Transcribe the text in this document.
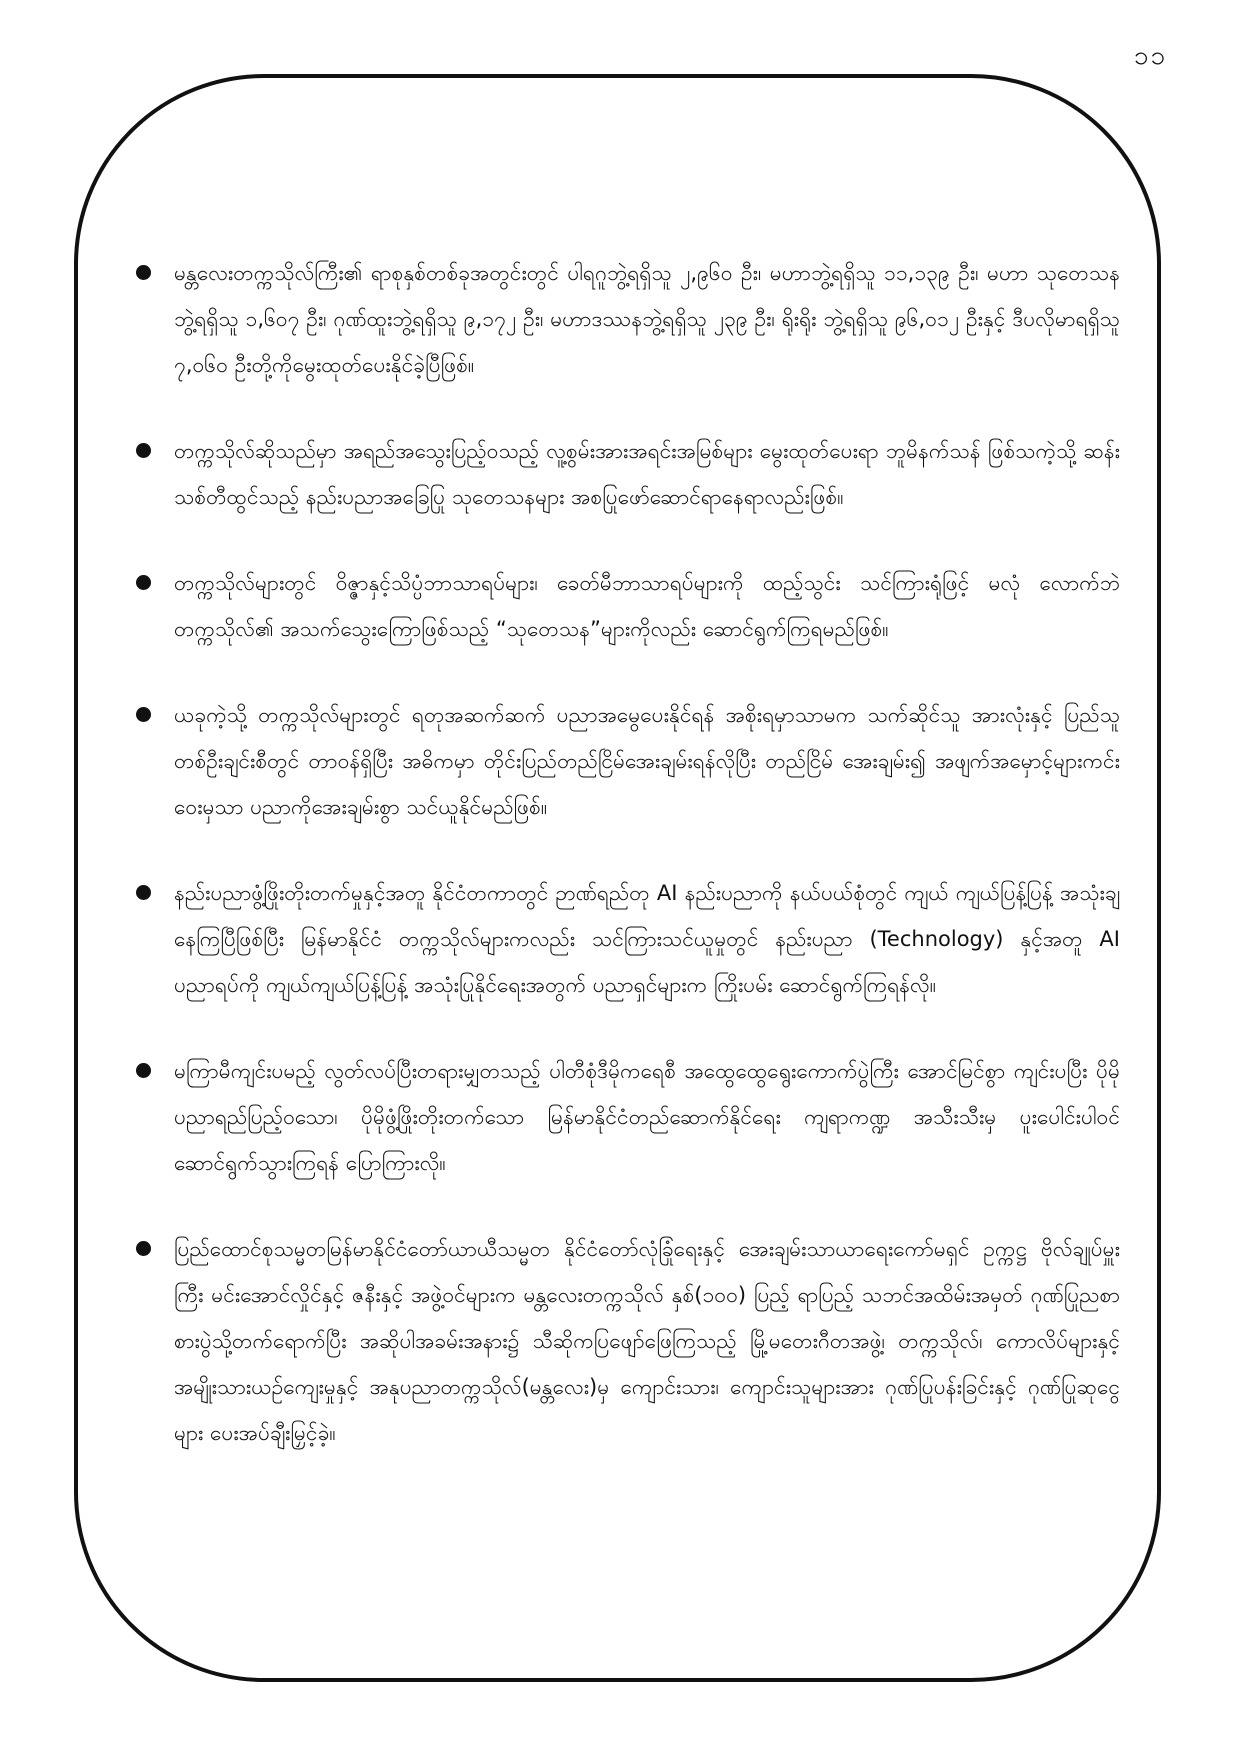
၁၁
မန္တလေးတက္ကသိုလ်ကြီး၏ ရာစုနှစ်တစ်ခုအတွင်းတွင် ပါရဂူဘွဲ့ရရှိသူ ၂,၉၆၀ ဦး၊ မဟာဘွဲ့ရရှိသူ ၁၁,၁၃၉ ဦး၊ မဟာ သုတေသနဘွဲ့ရရှိသူ ၁,၆၀၇ ဦး၊ ဂုဏ်ထူးဘွဲ့ရရှိသူ ၉,၁၇၂ ဦး၊ မဟာဒဿနဘွဲ့ရရှိသူ ၂၃၉ ဦး၊ ရိုးရိုး ဘွဲ့ရရှိသူ ၉၆,၀၁၂ ဦးနှင့် ဒီပလိုမာရရှိသူ ၇,၀၆၀ ဦးတို့ကိုမွေးထုတ်ပေးနိုင်ခဲ့ပြီဖြစ်။
တက္ကသိုလ်ဆိုသည်မှာ အရည်အသွေးပြည့်ဝသည့် လူ့စွမ်းအားအရင်းအမြစ်များ မွေးထုတ်ပေးရာ ဘူမိနက်သန် ဖြစ်သကဲ့သို့ ဆန်းသစ်တီထွင်သည့် နည်းပညာအခြေပြု သုတေသနများ အစပြုဖော်ဆောင်ရာနေရာလည်းဖြစ်။
တက္ကသိုလ်များတွင် ဝိဇ္ဇာနှင့်သိပ္ပံဘာသာရပ်များ၊ ခေတ်မီဘာသာရပ်များကို ထည့်သွင်း သင်ကြားရုံဖြင့် မလုံ လောက်ဘဲ တက္ကသိုလ်၏ အသက်သွေးကြောဖြစ်သည့် “သုတေသန”များကိုလည်း ဆောင်ရွက်ကြရမည်ဖြစ်။
ယခုကဲ့သို့ တက္ကသိုလ်များတွင် ရတုအဆက်ဆက် ပညာအမွေပေးနိုင်ရန် အစိုးရမှာသာမက သက်ဆိုင်သူ အားလုံးနှင့် ပြည်သူတစ်ဦးချင်းစီတွင် တာဝန်ရှိပြီး အဓိကမှာ တိုင်းပြည်တည်ငြိမ်အေးချမ်းရန်လိုပြီး တည်ငြိမ် အေးချမ်း၍ အဖျက်အမှောင့်များကင်းဝေးမှသာ ပညာကိုအေးချမ်းစွာ သင်ယူနိုင်မည်ဖြစ်။
နည်းပညာဖွံ့ဖြိုးတိုးတက်မှုနှင့်အတူ နိုင်ငံတကာတွင် ဉာဏ်ရည်တု AI နည်းပညာကို နယ်ပယ်စုံတွင် ကျယ် ကျယ်ပြန့်ပြန့် အသုံးချနေကြပြီဖြစ်ပြီး မြန်မာနိုင်ငံ တက္ကသိုလ်များကလည်း သင်ကြားသင်ယူမှုတွင် နည်းပညာ (Technology) နှင့်အတူ AI ပညာရပ်ကို ကျယ်ကျယ်ပြန့်ပြန့် အသုံးပြုနိုင်ရေးအတွက် ပညာရှင်များက ကြိုးပမ်း ဆောင်ရွက်ကြရန်လို။
မကြာမီကျင်းပမည့် လွတ်လပ်ပြီးတရားမျှတသည့် ပါတီစုံဒီမိုကရေစီ အထွေထွေရွေးကောက်ပွဲကြီး အောင်မြင်စွာ ကျင်းပပြီး ပိုမိုပညာရည်ပြည့်ဝသော၊ ပိုမိုဖွံ့ဖြိုးတိုးတက်သော မြန်မာနိုင်ငံတည်ဆောက်နိုင်ရေး ကျရာကဏ္ဍ အသီးသီးမှ ပူးပေါင်းပါဝင်ဆောင်ရွက်သွားကြရန် ပြောကြားလို။
ပြည်ထောင်စုသမ္မတမြန်မာနိုင်ငံတော်ယာယီသမ္မတ နိုင်ငံတော်လုံခြုံရေးနှင့် အေးချမ်းသာယာရေးကော်မရှင် ဥက္ကဋ္ဌ ဗိုလ်ချုပ်မှူးကြီး မင်းအောင်လှိုင်နှင့် ဇနီးနှင့် အဖွဲ့ဝင်များက မန္တလေးတက္ကသိုလ် နှစ်(၁၀၀) ပြည့် ရာပြည့် သဘင်အထိမ်းအမှတ် ဂုဏ်ပြုညစာစားပွဲသို့တက်ရောက်ပြီး အဆိုပါအခမ်းအနား၌ သီဆိုကပြဖျော်ဖြေကြသည့် မြို့မတေးဂီတအဖွဲ့၊ တက္ကသိုလ်၊ ကောလိပ်များနှင့် အမျိုးသားယဉ်ကျေးမှုနှင့် အနုပညာတက္ကသိုလ်(မန္တလေး)မှ ကျောင်းသား၊ ကျောင်းသူများအား ဂုဏ်ပြုပန်းခြင်းနှင့် ဂုဏ်ပြုဆုငွေများ ပေးအပ်ချီးမြှင့်ခဲ့။
